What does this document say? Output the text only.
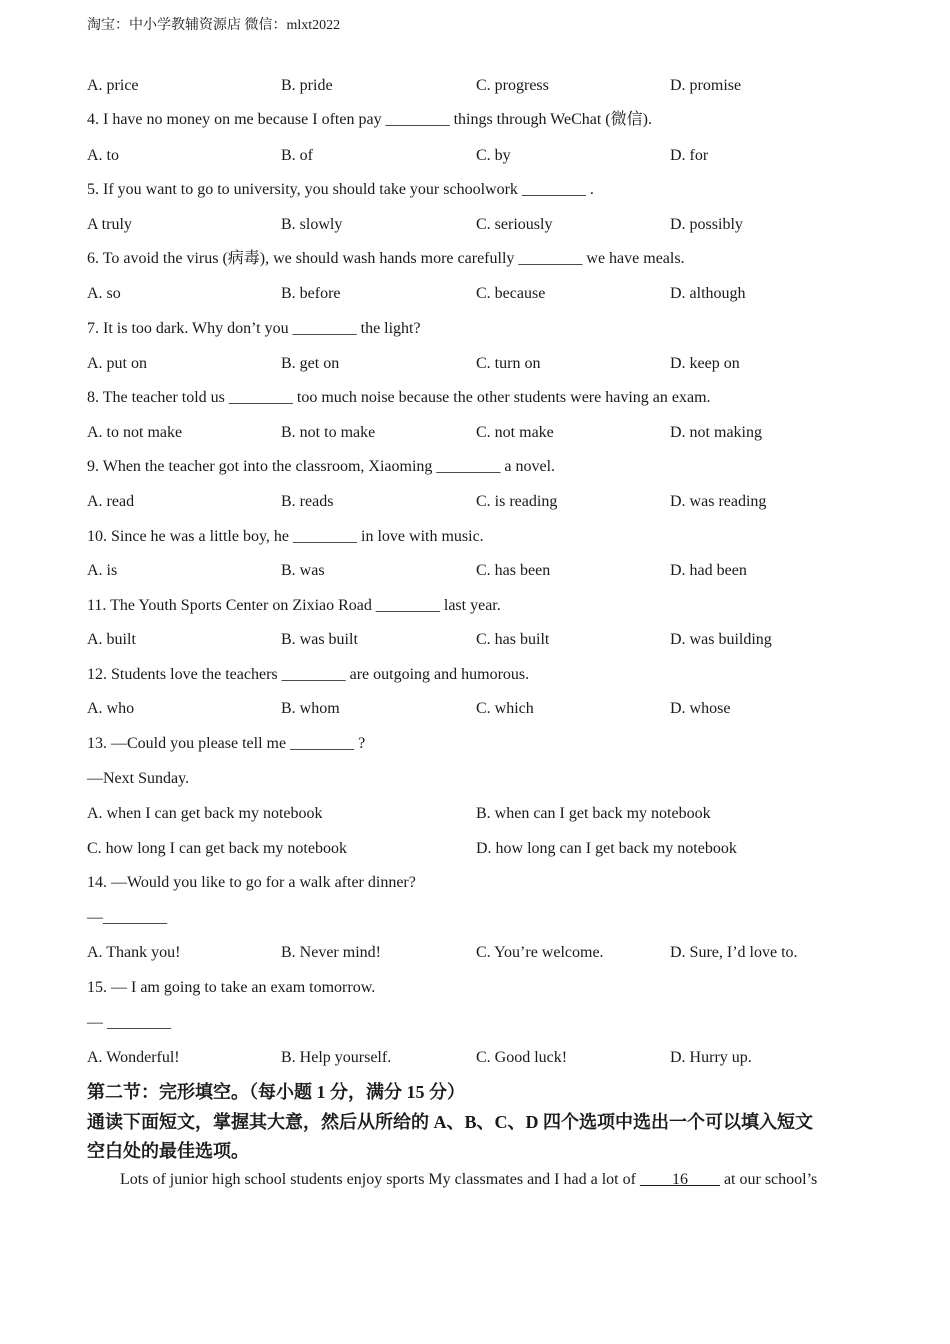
淘宝：中小学教辅资源店 微信：mlxt2022
A. price	B. pride	C. progress	D. promise
4. I have no money on me because I often pay ________ things through WeChat (微信).
A. to	B. of	C. by	D. for
5. If you want to go to university, you should take your schoolwork ________ .
A truly	B. slowly	C. seriously	D. possibly
6. To avoid the virus (病毒), we should wash hands more carefully ________ we have meals.
A. so	B. before	C. because	D. although
7. It is too dark. Why don’t you ________ the light?
A. put on	B. get on	C. turn on	D. keep on
8. The teacher told us ________ too much noise because the other students were having an exam.
A. to not make	B. not to make	C. not make	D. not making
9. When the teacher got into the classroom, Xiaoming ________ a novel.
A. read	B. reads	C. is reading	D. was reading
10. Since he was a little boy, he ________ in love with music.
A. is	B. was	C. has been	D. had been
11. The Youth Sports Center on Zixiao Road ________ last year.
A. built	B. was built	C. has built	D. was building
12. Students love the teachers ________ are outgoing and humorous.
A. who	B. whom	C. which	D. whose
13. —Could you please tell me ________ ?
—Next Sunday.
A. when I can get back my notebook	B. when can I get back my notebook
C. how long I can get back my notebook	D. how long can I get back my notebook
14. —Would you like to go for a walk after dinner?
—________
A. Thank you!	B. Never mind!	C. You’re welcome.	D. Sure, I’d love to.
15. — I am going to take an exam tomorrow.
— ________
A. Wonderful!	B. Help yourself.	C. Good luck!	D. Hurry up.
第二节：完形填空。（每小题 1 分，满分 15 分）
通读下面短文，掌握其大意，然后从所给的 A、B、C、D 四个选项中选出一个可以填入短文
空白处的最佳选项。
Lots of junior high school students enjoy sports My classmates and I had a lot of ____16____ at our school’s
